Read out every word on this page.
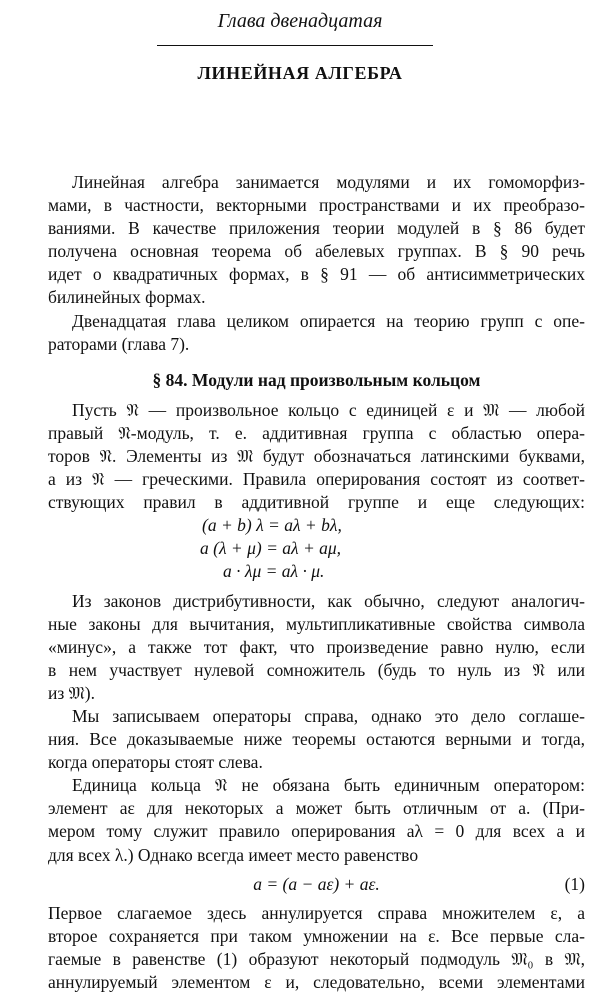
Глава двенадцатая
ЛИНЕЙНАЯ АЛГЕБРА
Линейная алгебра занимается модулями и их гомоморфиз-
мами, в частности, векторными пространствами и их преобразо-
ваниями. В качестве приложения теории модулей в § 86 будет
получена основная теорема об абелевых группах. В § 90 речь
идет о квадратичных формах, в § 91 — об антисимметрических
билинейных формах.
Двенадцатая глава целиком опирается на теорию групп с опе-
раторами (глава 7).
§ 84. Модули над произвольным кольцом
Пусть 𝔑 — произвольное кольцо с единицей ε и 𝔐 — любой
правый 𝔑-модуль, т. е. аддитивная группа с областью опера-
торов 𝔑. Элементы из 𝔐 будут обозначаться латинскими буквами,
а из 𝔑 — греческими. Правила оперирования состоят из соответ-
ствующих правил в аддитивной группе и еще следующих:
(a + b) λ = aλ + bλ,
a (λ + μ) = aλ + aμ,
a · λμ = aλ · μ.
Из законов дистрибутивности, как обычно, следуют аналогич-
ные законы для вычитания, мультипликативные свойства символа
«минус», а также тот факт, что произведение равно нулю, если
в нем участвует нулевой сомножитель (будь то нуль из 𝔑 или
из 𝔐).
Мы записываем операторы справа, однако это дело соглаше-
ния. Все доказываемые ниже теоремы остаются верными и тогда,
когда операторы стоят слева.
Единица кольца 𝔑 не обязана быть единичным оператором:
элемент aε для некоторых a может быть отличным от a. (При-
мером тому служит правило оперирования aλ = 0 для всех a и
для всех λ.) Однако всегда имеет место равенство
a = (a − aε) + aε.	(1)
Первое слагаемое здесь аннулируется справа множителем ε, а
второе сохраняется при таком умножении на ε. Все первые сла-
гаемые в равенстве (1) образуют некоторый подмодуль 𝔐₀ в 𝔐,
аннулируемый элементом ε и, следовательно, всеми элементами
